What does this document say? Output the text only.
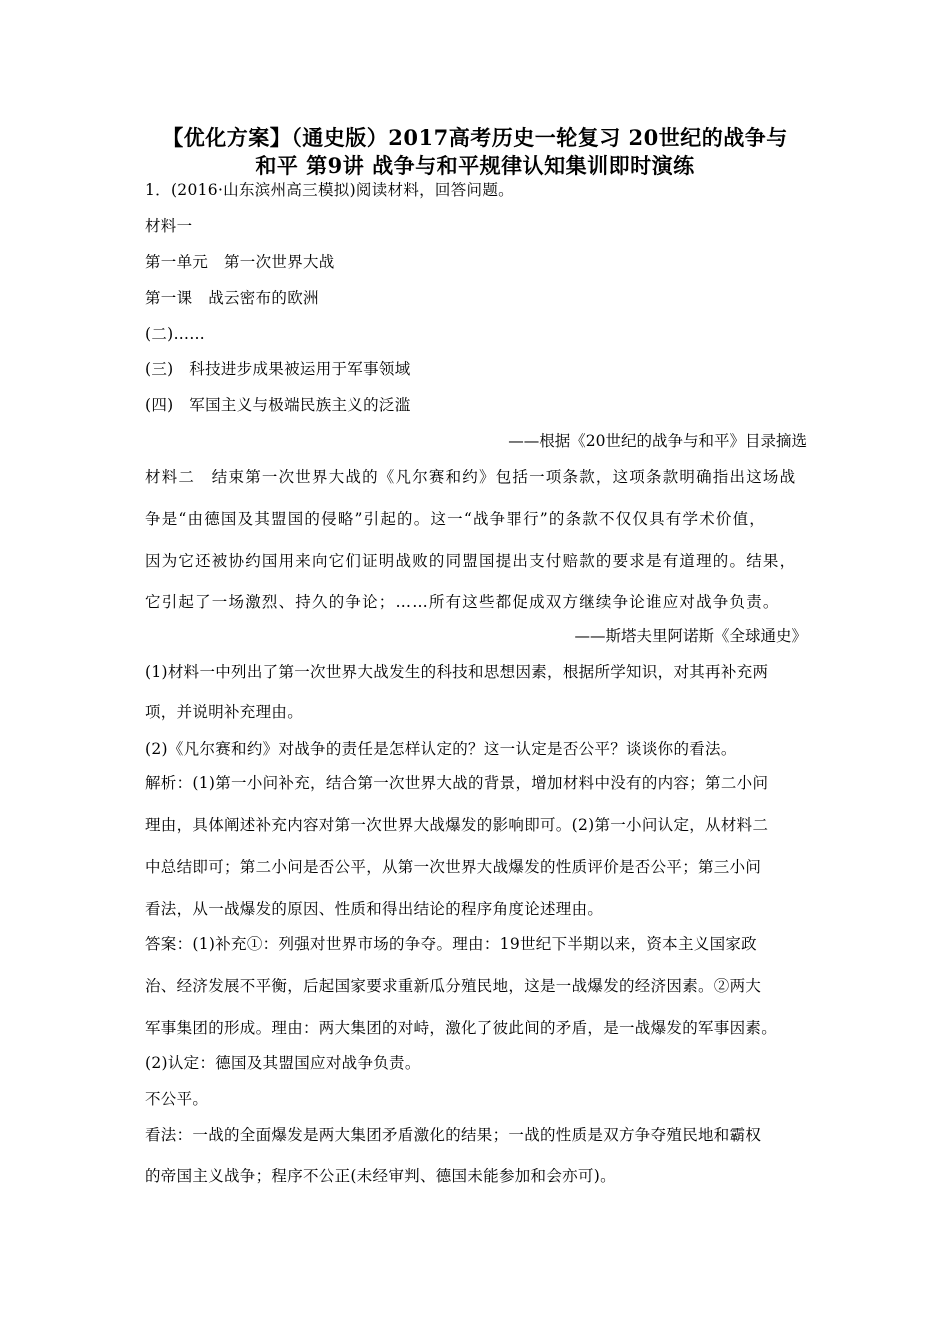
【优化方案】（通史版）2017高考历史一轮复习 20世纪的战争与
和平 第9讲 战争与和平规律认知集训即时演练
1．(2016·山东滨州高三模拟)阅读材料，回答问题。
材料一
第一单元　第一次世界大战
第一课　战云密布的欧洲
(二)……
(三)　科技进步成果被运用于军事领域
(四)　军国主义与极端民族主义的泛滥
——根据《20世纪的战争与和平》目录摘选
材料二　结束第一次世界大战的《凡尔赛和约》包括一项条款，这项条款明确指出这场战
争是“由德国及其盟国的侵略”引起的。这一“战争罪行”的条款不仅仅具有学术价值，
因为它还被协约国用来向它们证明战败的同盟国提出支付赔款的要求是有道理的。结果，
它引起了一场激烈、持久的争论；……所有这些都促成双方继续争论谁应对战争负责。
——斯塔夫里阿诺斯《全球通史》
(1)材料一中列出了第一次世界大战发生的科技和思想因素，根据所学知识，对其再补充两
项，并说明补充理由。
(2)《凡尔赛和约》对战争的责任是怎样认定的？这一认定是否公平？谈谈你的看法。
解析：(1)第一小问补充，结合第一次世界大战的背景，增加材料中没有的内容；第二小问
理由，具体阐述补充内容对第一次世界大战爆发的影响即可。(2)第一小问认定，从材料二
中总结即可；第二小问是否公平，从第一次世界大战爆发的性质评价是否公平；第三小问
看法，从一战爆发的原因、性质和得出结论的程序角度论述理由。
答案：(1)补充①：列强对世界市场的争夺。理由：19世纪下半期以来，资本主义国家政
治、经济发展不平衡，后起国家要求重新瓜分殖民地，这是一战爆发的经济因素。②两大
军事集团的形成。理由：两大集团的对峙，激化了彼此间的矛盾，是一战爆发的军事因素。
(2)认定：德国及其盟国应对战争负责。
不公平。
看法：一战的全面爆发是两大集团矛盾激化的结果；一战的性质是双方争夺殖民地和霸权
的帝国主义战争；程序不公正(未经审判、德国未能参加和会亦可)。
